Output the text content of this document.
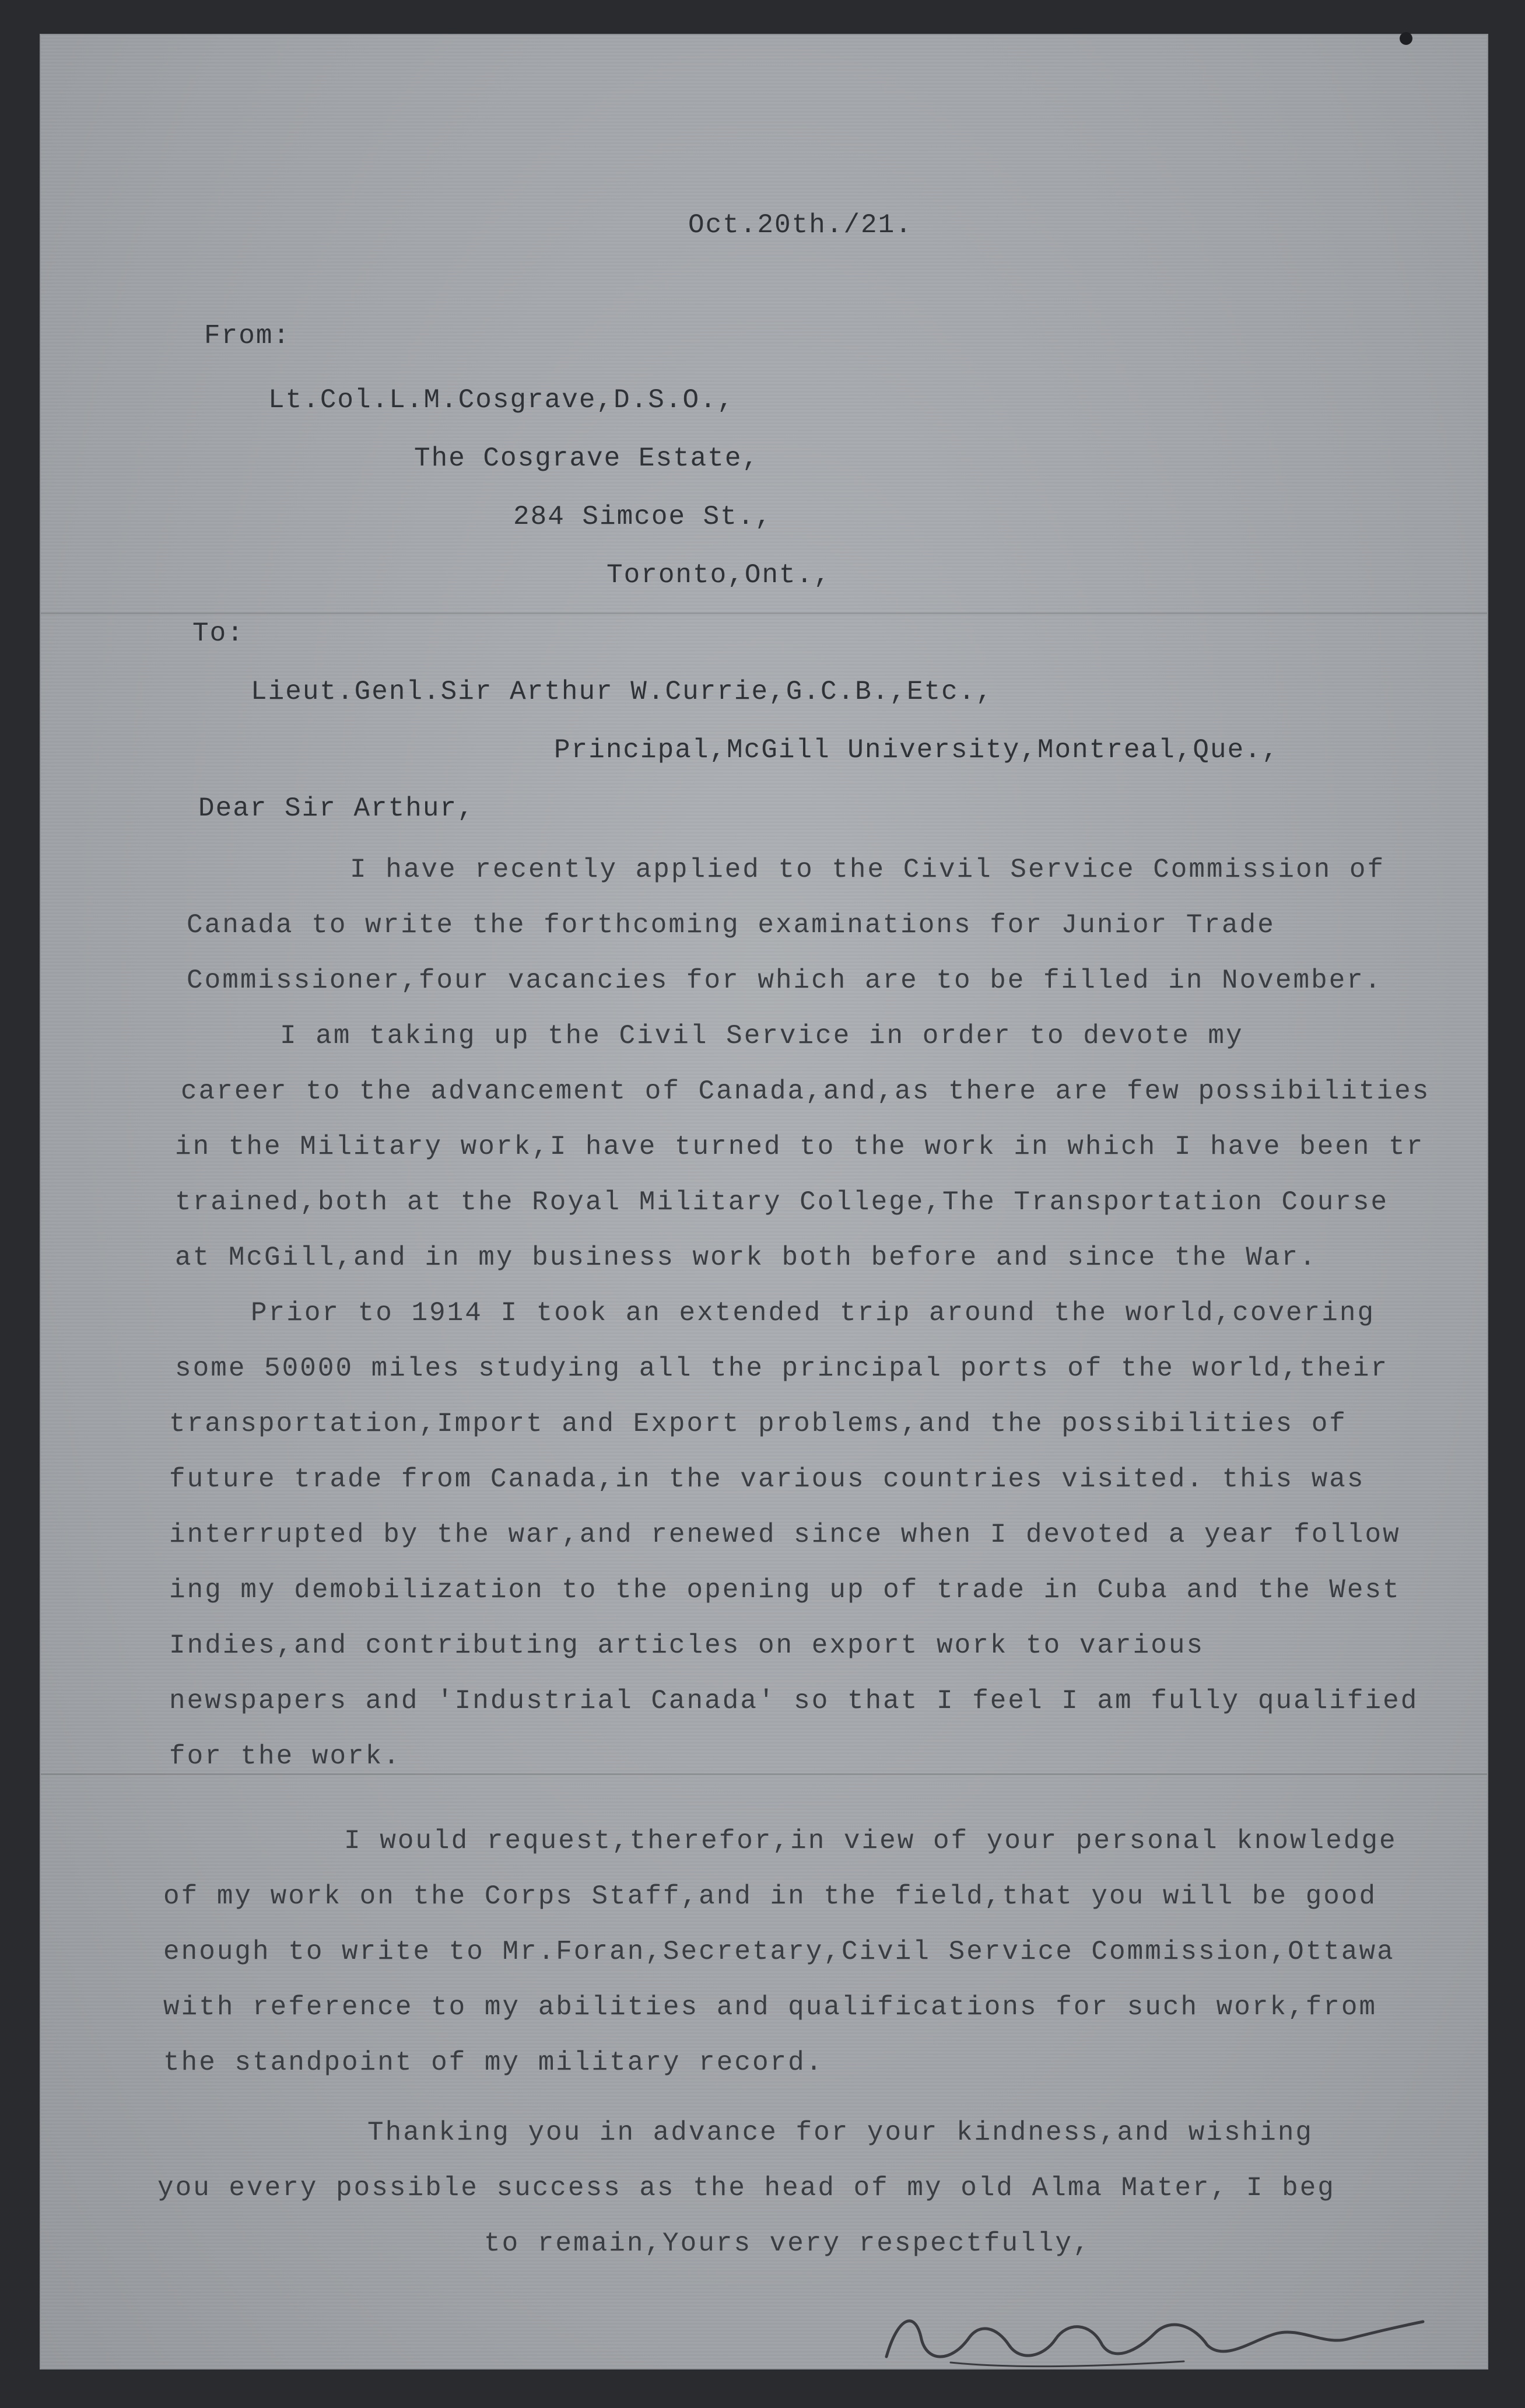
Oct.20th./21.
From:
Lt.Col.L.M.Cosgrave,D.S.O.,
The Cosgrave Estate,
284 Simcoe St.,
Toronto,Ont.,
To:
Lieut.Genl.Sir Arthur W.Currie,G.C.B.,Etc.,
Principal,McGill University,Montreal,Que.,
Dear Sir Arthur,
I have recently applied to the Civil Service Commission of
Canada to write the forthcoming examinations for Junior Trade
Commissioner,four vacancies for which are to be filled in November.
I am taking up the Civil Service in order to devote my
career to the advancement of Canada,and,as there are few possibilities
in the Military work,I have turned to the work in which I have been tr
trained,both at the Royal Military College,The Transportation Course
at McGill,and in my business work both before and since the War.
Prior to 1914 I took an extended trip around the world,covering
some 50000 miles studying all the principal ports of the world,their
transportation,Import and Export problems,and the possibilities of
future trade from Canada,in the various countries visited. this was
interrupted by the war,and renewed since when I devoted a year follow
ing my demobilization to the opening up of trade in Cuba and the West
Indies,and contributing articles on export work to various
newspapers and 'Industrial Canada' so that I feel I am fully qualified
for the work.
I would request,therefor,in view of your personal knowledge
of my work on the Corps Staff,and in the field,that you will be good
enough to write to Mr.Foran,Secretary,Civil Service Commission,Ottawa
with reference to my abilities and qualifications for such work,from
the standpoint of my military record.
Thanking you in advance for your kindness,and wishing
you every possible success as the head of my old Alma Mater, I beg
to remain,Yours very respectfully,
